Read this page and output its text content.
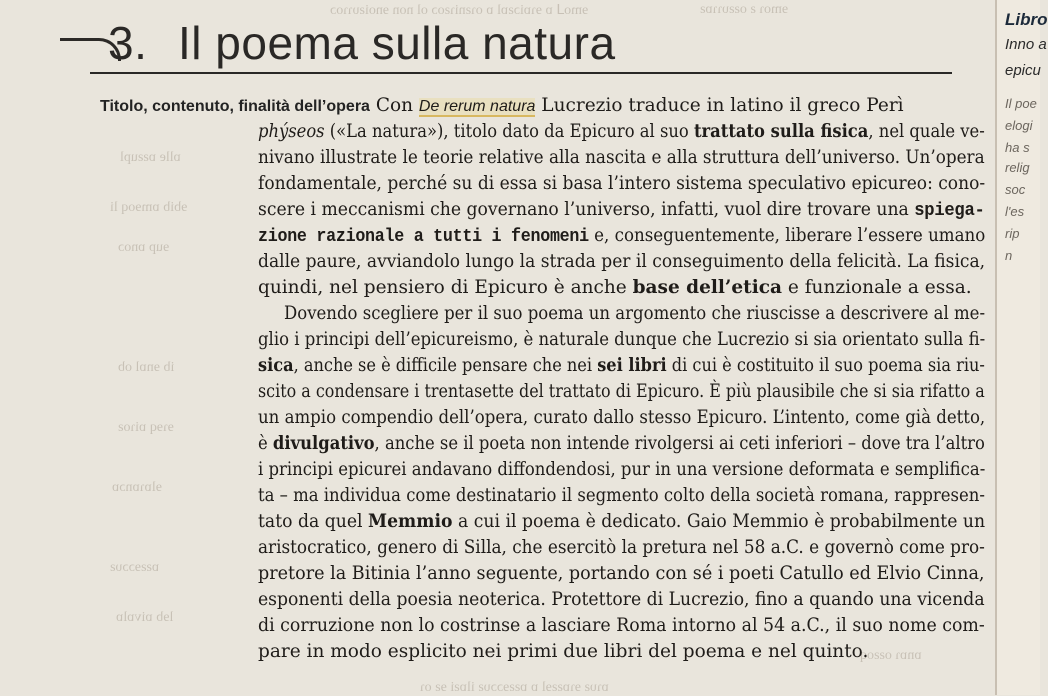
ɘmo⅃ ɒ ɘɿɒiɔƨɒl ɒ oɿƨniɿƨoɔ ol non ɘnoiƨυɿɿoɔ	ɘmoɿ ƨ oƨƨυɿɿɒƨ
ɒlle ɒƨƨupl
ɘbib ɒmɘoq li
ɘup ɒnoɔ
ib ɘnɒl ob
ɘɿɘq ɒiɿoƨ
ɘlɒɿɒnɔɒ
ɒƨƨɘɔɔυƨ
lɘb ɒivɒlɒ
ɒnɒɿ oƨƨoq
ɒɿυƨ ɘɿɒƨƨɘl ɒ ɒƨƨɘɔɔυƨ ilɒƨi ɘƨ oɿ
3. Il poema sulla natura	Libro
Inno a
epicu
Il poe
elogi
ha s
relig
soc
l'es
rip
n
Titolo, contenuto, finalità dell’opera Con De rerum natura Lucrezio traduce in latino il greco Perì
phýseos («La natura»), titolo dato da Epicuro al suo trattato sulla fisica, nel quale ve-
nivano illustrate le teorie relative alla nascita e alla struttura dell’universo. Un’opera
fondamentale, perché su di essa si basa l’intero sistema speculativo epicureo: cono-
scere i meccanismi che governano l’universo, infatti, vuol dire trovare una spiega-
zione razionale a tutti i fenomeni e, conseguentemente, liberare l’essere umano
dalle paure, avviandolo lungo la strada per il conseguimento della felicità. La fisica,
quindi, nel pensiero di Epicuro è anche base dell’etica e funzionale a essa.
Dovendo scegliere per il suo poema un argomento che riuscisse a descrivere al me-
glio i principi dell’epicureismo, è naturale dunque che Lucrezio si sia orientato sulla fi-
sica, anche se è difficile pensare che nei sei libri di cui è costituito il suo poema sia riu-
scito a condensare i trentasette del trattato di Epicuro. È più plausibile che si sia rifatto a
un ampio compendio dell’opera, curato dallo stesso Epicuro. L’intento, come già detto,
è divulgativo, anche se il poeta non intende rivolgersi ai ceti inferiori – dove tra l’altro
i principi epicurei andavano diffondendosi, pur in una versione deformata e semplifica-
ta – ma individua come destinatario il segmento colto della società romana, rappresen-
tato da quel Memmio a cui il poema è dedicato. Gaio Memmio è probabilmente un
aristocratico, genero di Silla, che esercitò la pretura nel 58 a.C. e governò come pro-
pretore la Bitinia l’anno seguente, portando con sé i poeti Catullo ed Elvio Cinna,
esponenti della poesia neoterica. Protettore di Lucrezio, fino a quando una vicenda
di corruzione non lo costrinse a lasciare Roma intorno al 54 a.C., il suo nome com-
pare in modo esplicito nei primi due libri del poema e nel quinto.
